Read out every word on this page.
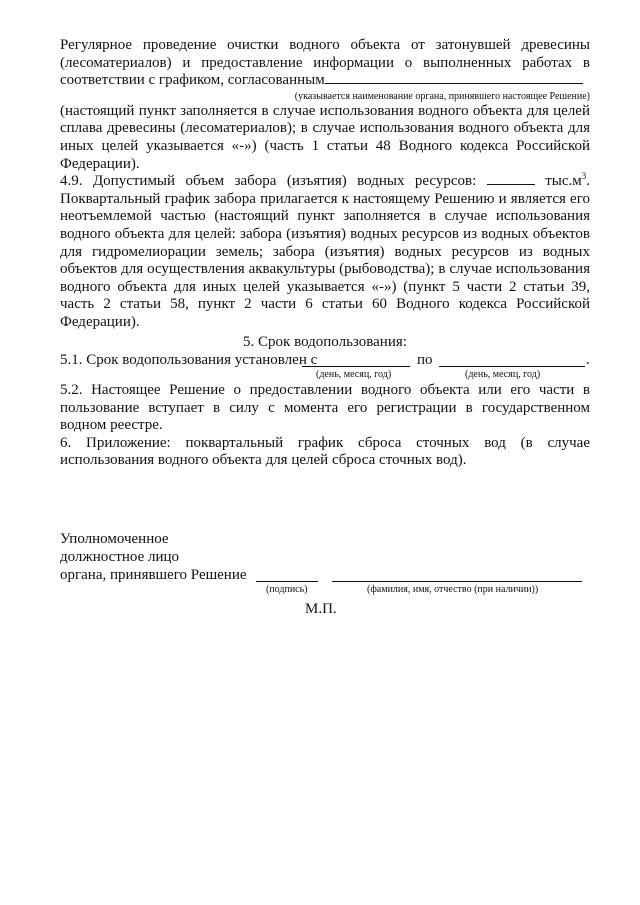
Регулярное проведение очистки водного объекта от затонувшей древесины (лесоматериалов) и предоставление информации о выполненных работах в соответствии с графиком, согласованным

(указывается наименование органа, принявшего настоящее Решение)

(настоящий пункт заполняется в случае использования водного объекта для целей сплава древесины (лесоматериалов); в случае использования водного объекта для иных целей указывается «-») (часть 1 статьи 48 Водного кодекса Российской Федерации).

4.9. Допустимый объем забора (изъятия) водных ресурсов:	$тыс.м^3$.

Поквартальный график забора прилагается к настоящему Решению и является его неотъемлемой частью (настоящий пункт заполняется в случае использования водного объекта для целей: забора (изъятия) водных ресурсов из водных объектов для гидромелиорации земель; забора (изъятия) водных ресурсов из водных объектов для осуществления аквакультуры (рыбоводства); в случае использования водного объекта для иных целей указывается «-») (пункт 5 части 2 статьи 39, часть 2 статьи 58, пункт 2 части 6 статьи 60 Водного кодекса Российской Федерации).

5. Срок водопользования:
5.1. Срок водопользования установлен с	по	.
(день, месяц, год)	(день, месяц, год)

5.2. Настоящее Решение о предоставлении водного объекта или его части в пользование вступает в силу с момента его регистрации в государственном водном реестре.

6. Приложение: поквартальный график сброса сточных вод (в случае использования водного объекта для целей сброса сточных вод).

Уполномоченное
должностное лицо
органа, принявшего Решение
(подпись)	(фамилия, имя, отчество (при наличии))
М.П.
